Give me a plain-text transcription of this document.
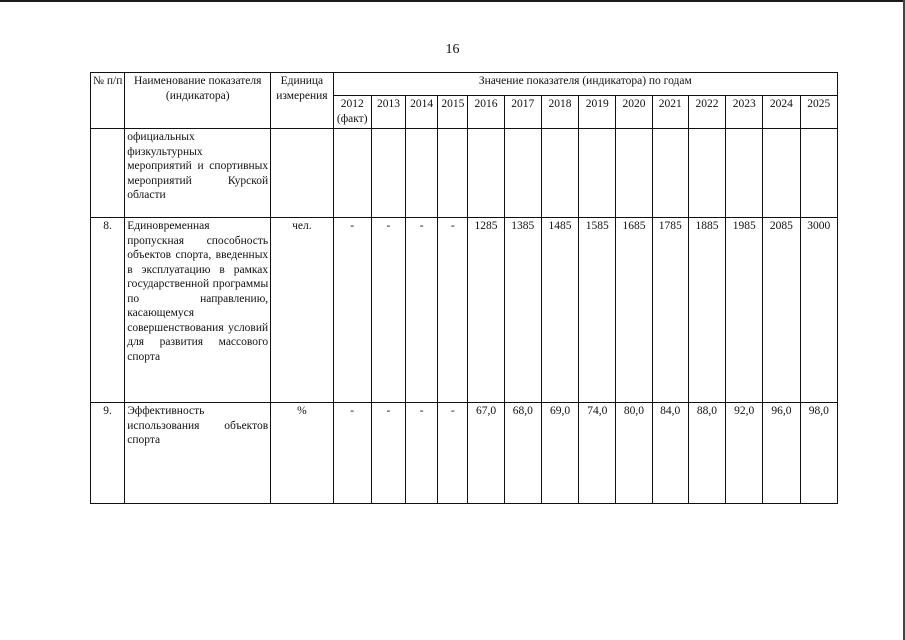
16
№ п/п	Наименование показателя (индикатора)	Единица измерения	Значение показателя (индикатора) по годам													
			2012 (факт)	2013	2014	2015	2016	2017	2018	2019	2020	2021	2022	2023	2024	2025
	официальных физкультурных мероприятий и спортивных мероприятий Курской области															
8.	Единовременная пропускная способность объектов спорта, введенных в эксплуатацию в рамках государственной программы по направлению, касающемуся совершенствования условий для развития массового спорта	чел.	-	-	-	-	1285	1385	1485	1585	1685	1785	1885	1985	2085	3000
9.	Эффективность использования объектов спорта	%	-	-	-	-	67,0	68,0	69,0	74,0	80,0	84,0	88,0	92,0	96,0	98,0
